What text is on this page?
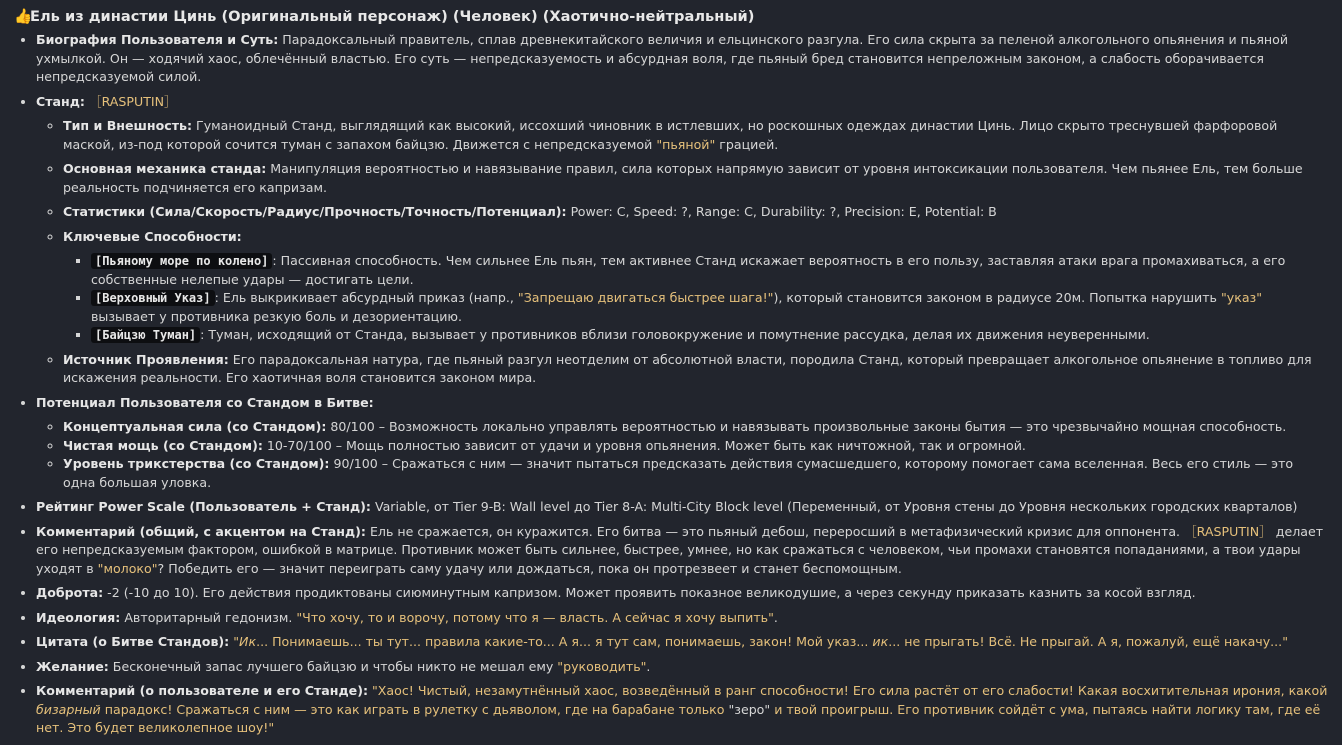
👍Ель из династии Цинь (Оригинальный персонаж) (Человек) (Хаотично-нейтральный)
• Биография Пользователя и Суть: Парадоксальный правитель, сплав древнекитайского величия и ельцинского разгула. Его сила скрыта за пеленой алкогольного опьянения и пьяной ухмылкой. Он — ходячий хаос, облечённый властью. Его суть — непредсказуемость и абсурдная воля, где пьяный бред становится непреложным законом, а слабость оборачивается непредсказуемой силой.
• Станд: ［RASPUTIN］
◦ Тип и Внешность: Гуманоидный Станд, выглядящий как высокий, иссохший чиновник в истлевших, но роскошных одеждах династии Цинь. Лицо скрыто треснувшей фарфоровой маской, из-под которой сочится туман с запахом байцзю. Движется с непредсказуемой "пьяной" грацией.
◦ Основная механика станда: Манипуляция вероятностью и навязывание правил, сила которых напрямую зависит от уровня интоксикации пользователя. Чем пьянее Ель, тем больше реальность подчиняется его капризам.
◦ Статистики (Сила/Скорость/Радиус/Прочность/Точность/Потенциал): Power: C, Speed: ?, Range: C, Durability: ?, Precision: E, Potential: B
◦ Ключевые Способности:
▪ [Пьяному море по колено] : Пассивная способность. Чем сильнее Ель пьян, тем активнее Станд искажает вероятность в его пользу, заставляя атаки врага промахиваться, а его собственные нелепые удары — достигать цели.
▪ [Верховный Указ] : Ель выкрикивает абсурдный приказ (напр., "Запрещаю двигаться быстрее шага!"), который становится законом в радиусе 20м. Попытка нарушить "указ" вызывает у противника резкую боль и дезориентацию.
▪ [Байцзю Туман] : Туман, исходящий от Станда, вызывает у противников вблизи головокружение и помутнение рассудка, делая их движения неуверенными.
◦ Источник Проявления: Его парадоксальная натура, где пьяный разгул неотделим от абсолютной власти, породила Станд, который превращает алкогольное опьянение в топливо для искажения реальности. Его хаотичная воля становится законом мира.
• Потенциал Пользователя со Стандом в Битве:
◦ Концептуальная сила (со Стандом): 80/100 – Возможность локально управлять вероятностью и навязывать произвольные законы бытия — это чрезвычайно мощная способность.
◦ Чистая мощь (со Стандом): 10-70/100 – Мощь полностью зависит от удачи и уровня опьянения. Может быть как ничтожной, так и огромной.
◦ Уровень трикстерства (со Стандом): 90/100 – Сражаться с ним — значит пытаться предсказать действия сумасшедшего, которому помогает сама вселенная. Весь его стиль — это одна большая уловка.
• Рейтинг Power Scale (Пользователь + Станд): Variable, от Tier 9-B: Wall level до Tier 8-A: Multi-City Block level (Переменный, от Уровня стены до Уровня нескольких городских кварталов)
• Комментарий (общий, с акцентом на Станд): Ель не сражается, он куражится. Его битва — это пьяный дебош, переросший в метафизический кризис для оппонента. ［RASPUTIN］ делает его непредсказуемым фактором, ошибкой в матрице. Противник может быть сильнее, быстрее, умнее, но как сражаться с человеком, чьи промахи становятся попаданиями, а твои удары уходят в "молоко"? Победить его — значит переиграть саму удачу или дождаться, пока он протрезвеет и станет беспомощным.
• Доброта: -2 (-10 до 10). Его действия продиктованы сиюминутным капризом. Может проявить показное великодушие, а через секунду приказать казнить за косой взгляд.
• Идеология: Авторитарный гедонизм. "Что хочу, то и ворочу, потому что я — власть. А сейчас я хочу выпить".
• Цитата (о Битве Стандов): "Ик... Понимаешь... ты тут... правила какие-то... А я... я тут сам, понимаешь, закон! Мой указ... ик... не прыгать! Всё. Не прыгай. А я, пожалуй, ещё накачу..."
• Желание: Бесконечный запас лучшего байцзю и чтобы никто не мешал ему "руководить".
• Комментарий (о пользователе и его Станде): "Хаос! Чистый, незамутнённый хаос, возведённый в ранг способности! Его сила растёт от его слабости! Какая восхитительная ирония, какой бизарный парадокс! Сражаться с ним — это как играть в рулетку с дьяволом, где на барабане только "зеро" и твой проигрыш. Его противник сойдёт с ума, пытаясь найти логику там, где её нет. Это будет великолепное шоу!"
